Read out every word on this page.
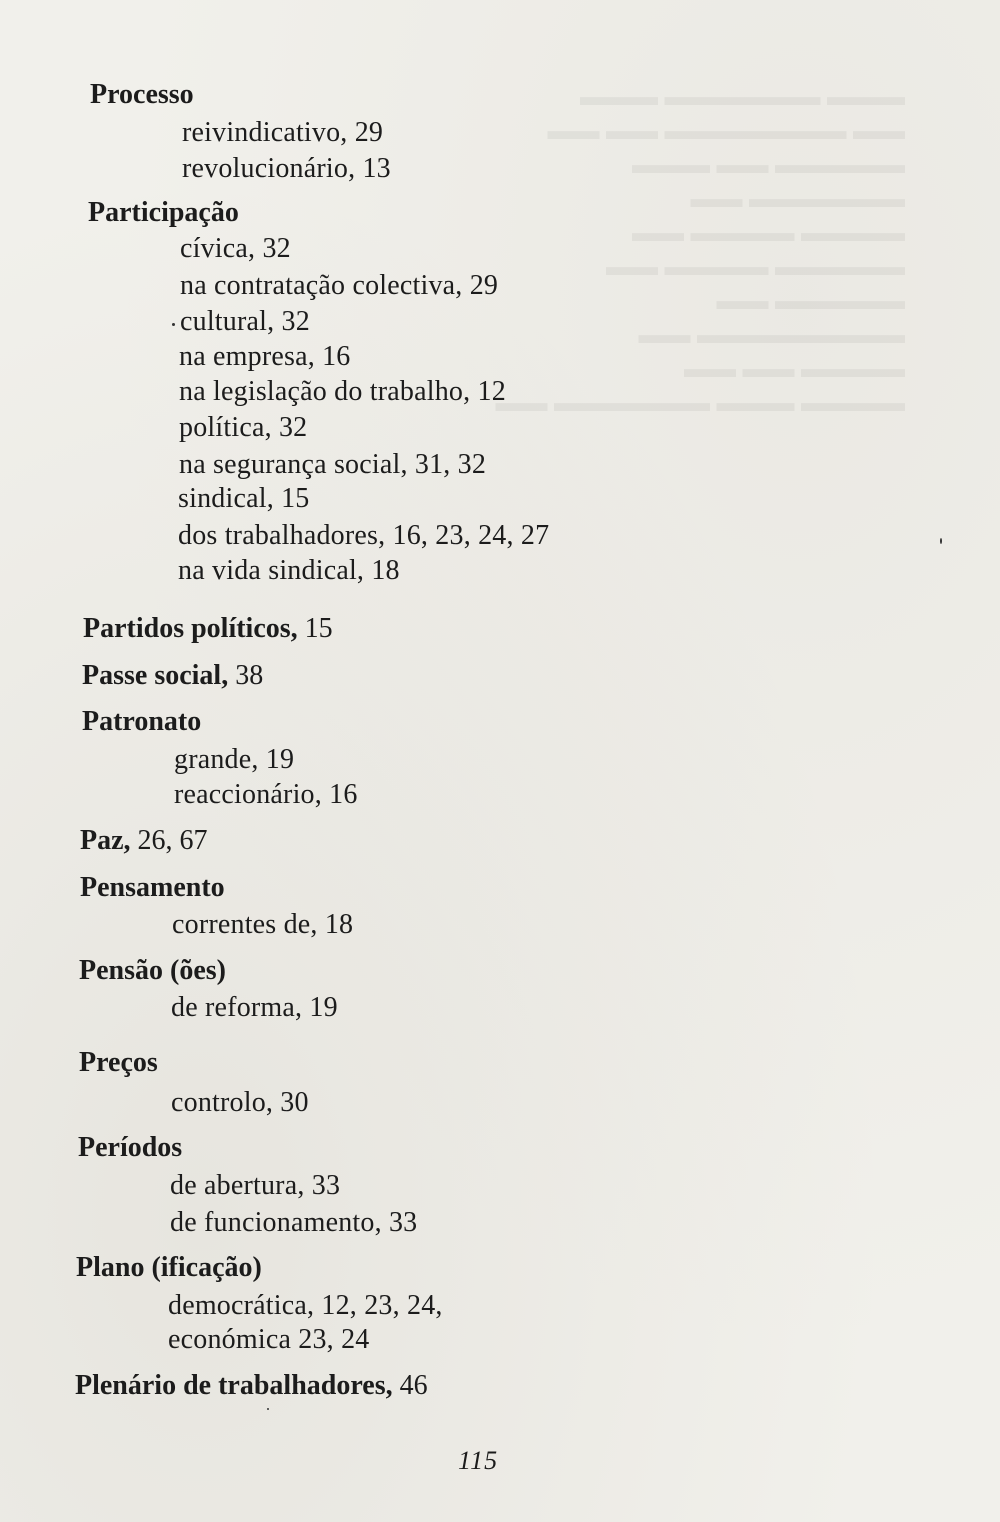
▬▬▬ ▬▬▬▬▬▬ ▬▬▬
▬▬ ▬▬▬▬▬▬▬ ▬▬ ▬▬
▬▬▬▬▬ ▬▬ ▬▬▬
▬▬▬▬▬▬ ▬▬
▬▬▬▬ ▬▬▬▬ ▬▬
▬▬▬▬▬ ▬▬▬▬ ▬▬
▬▬▬▬▬ ▬▬
▬▬▬▬▬▬▬▬ ▬▬
▬▬▬▬ ▬▬ ▬▬
▬▬▬▬ ▬▬▬ ▬▬▬▬▬▬ ▬▬
Processo
reivindicativo, 29
revolucionário, 13
Participação
cívica, 32
na contratação colectiva, 29
cultural, 32
na empresa, 16
na legislação do trabalho, 12
política, 32
na segurança social, 31, 32
sindical, 15
dos trabalhadores, 16, 23, 24, 27
na vida sindical, 18
Partidos políticos, 15
Passe social, 38
Patronato
grande, 19
reaccionário, 16
Paz, 26, 67
Pensamento
correntes de, 18
Pensão (ões)
de reforma, 19
Preços
controlo, 30
Períodos
de abertura, 33
de funcionamento, 33
Plano (ificação)
democrática, 12, 23, 24,
económica 23, 24
Plenário de trabalhadores, 46
115
